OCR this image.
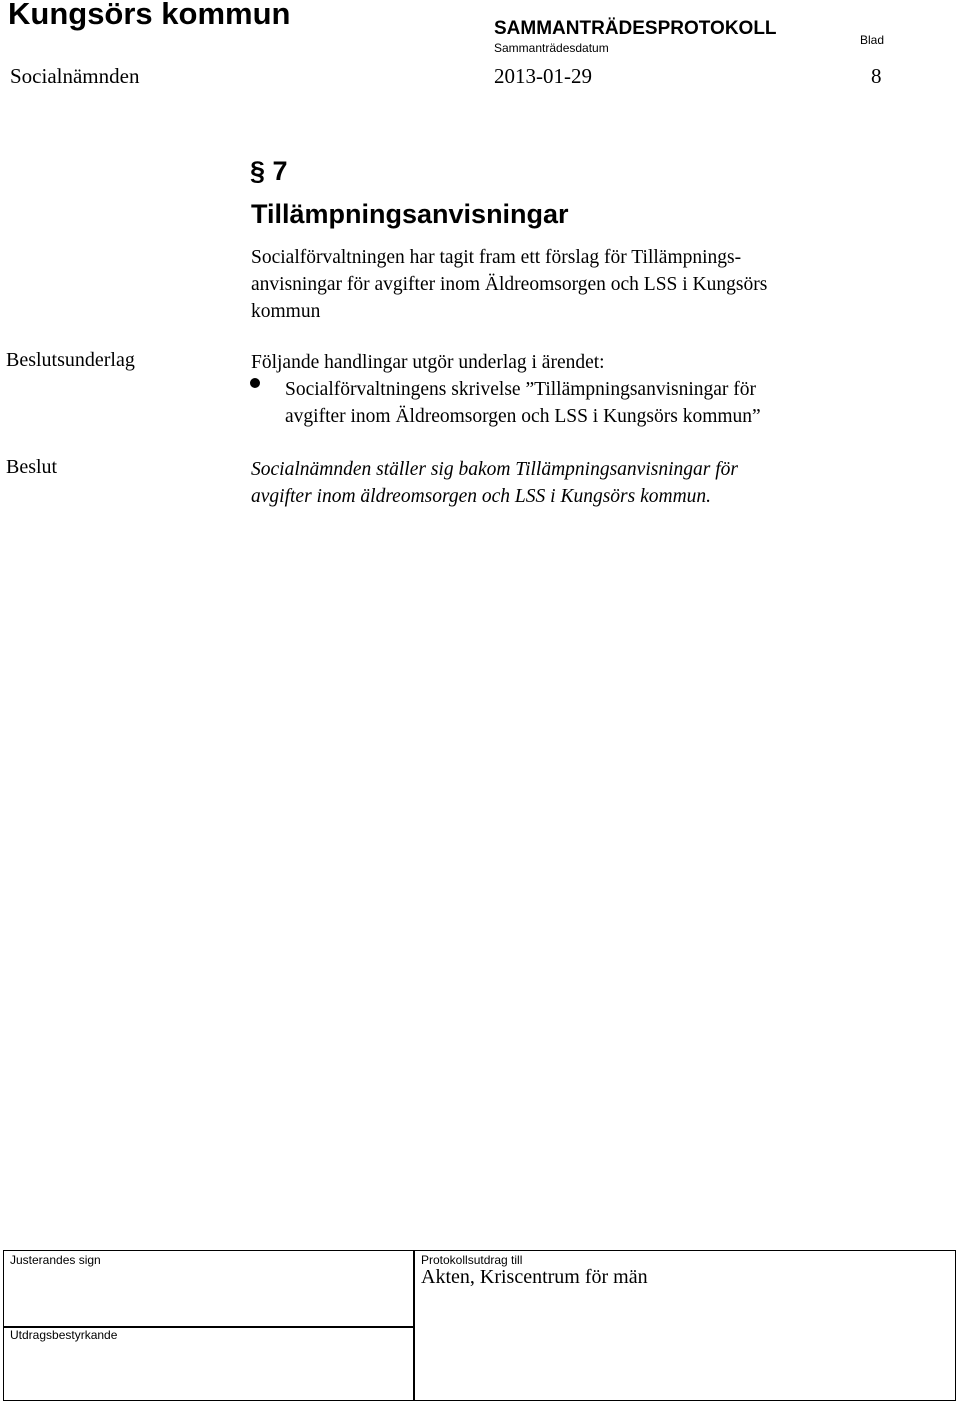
Kungsörs kommun	SAMMANTRÄDESPROTOKOLL
Sammanträdesdatum
Blad
Socialnämnden	2013-01-29	8
§ 7
Tillämpningsanvisningar
Socialförvaltningen har tagit fram ett förslag för Tillämpnings-
anvisningar för avgifter inom Äldreomsorgen och LSS i Kungsörs
kommun
Beslutsunderlag	Följande handlingar utgör underlag i ärendet:
Socialförvaltningens skrivelse ”Tillämpningsanvisningar för
avgifter inom Äldreomsorgen och LSS i Kungsörs kommun”
Beslut	Socialnämnden ställer sig bakom Tillämpningsanvisningar för
avgifter inom äldreomsorgen och LSS i Kungsörs kommun.
Justerandes sign	Protokollsutdrag till
Akten, Kriscentrum för män
Utdragsbestyrkande
